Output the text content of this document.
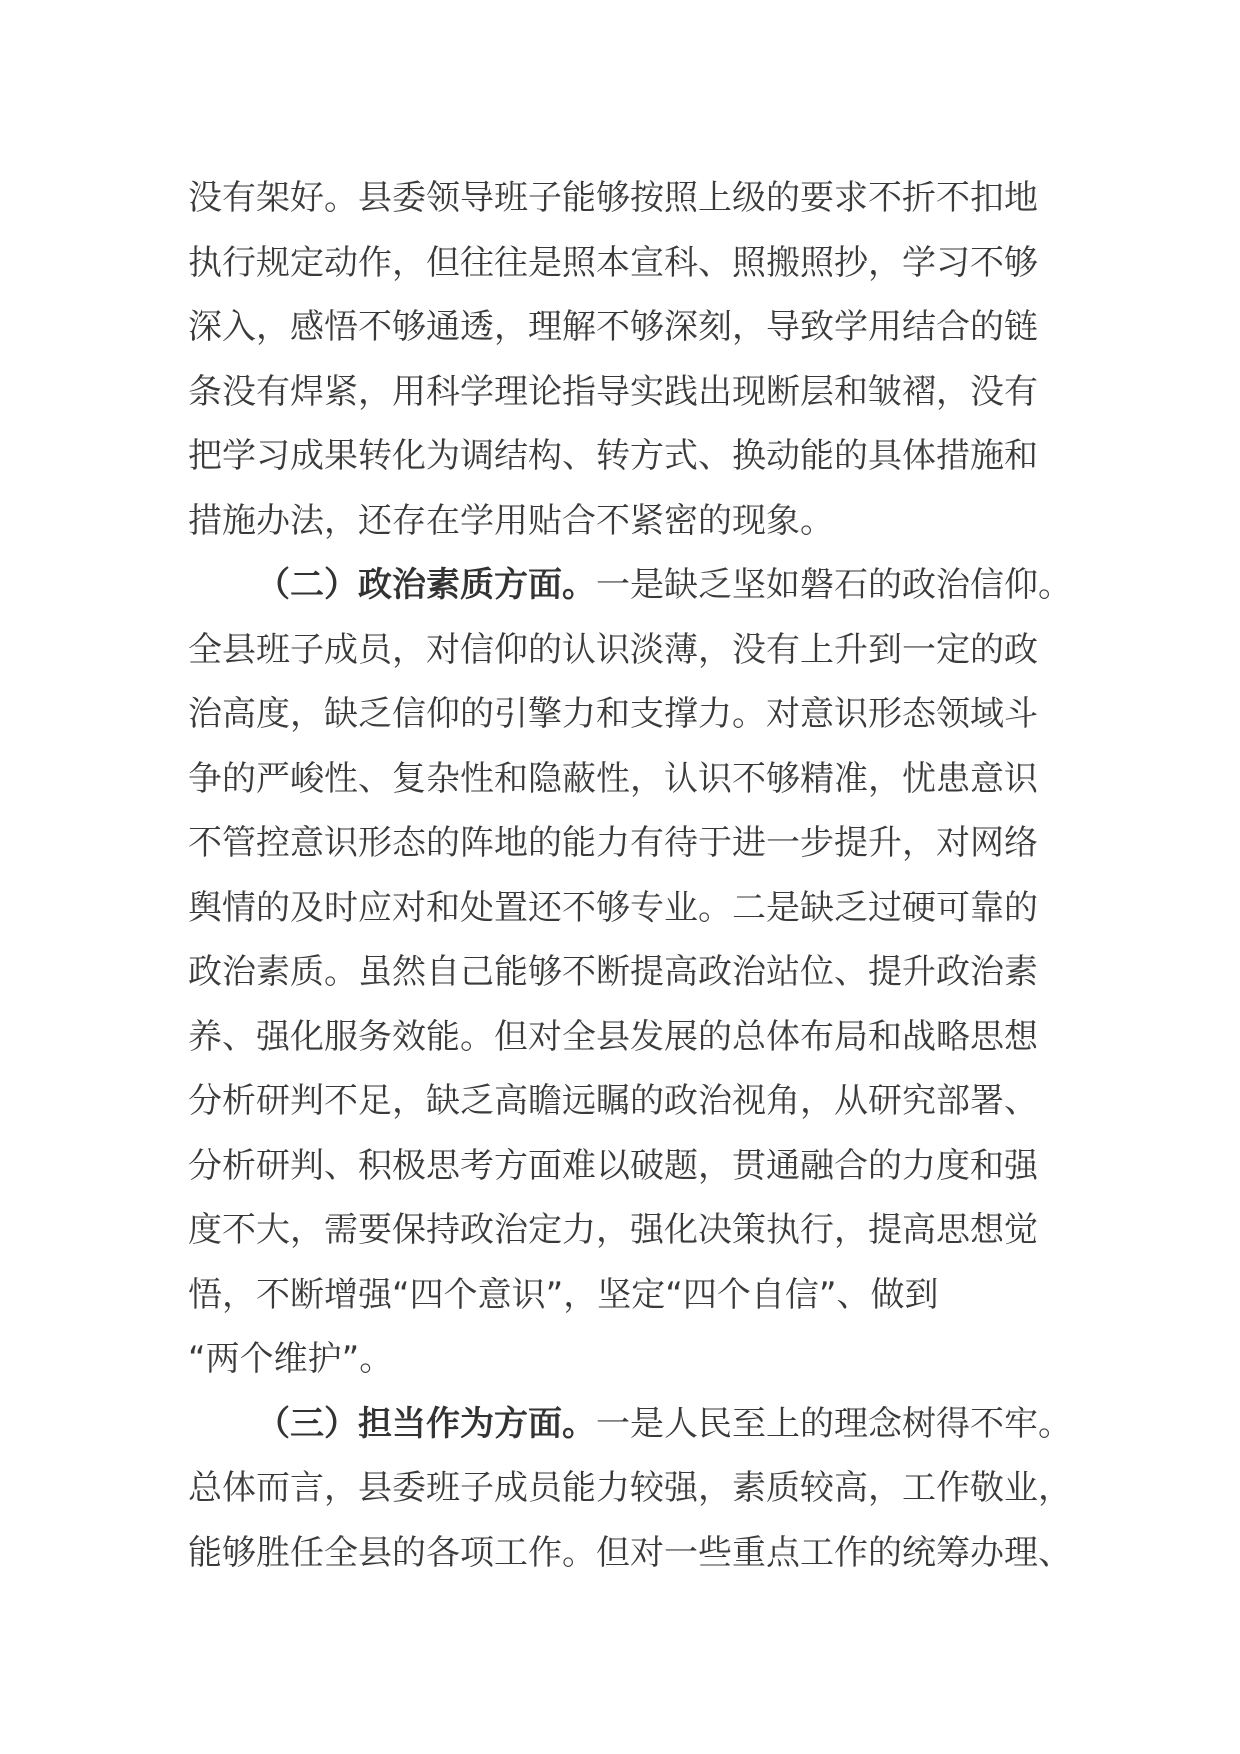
没有架好。县委领导班子能够按照上级的要求不折不扣地
执行规定动作，但往往是照本宣科、照搬照抄，学习不够
深入，感悟不够通透，理解不够深刻，导致学用结合的链
条没有焊紧，用科学理论指导实践出现断层和皱褶，没有
把学习成果转化为调结构、转方式、换动能的具体措施和
措施办法，还存在学用贴合不紧密的现象。
（二）政治素质方面。一是缺乏坚如磐石的政治信仰。
全县班子成员，对信仰的认识淡薄，没有上升到一定的政
治高度，缺乏信仰的引擎力和支撑力。对意识形态领域斗
争的严峻性、复杂性和隐蔽性，认识不够精准，忧患意识
不管控意识形态的阵地的能力有待于进一步提升，对网络
舆情的及时应对和处置还不够专业。二是缺乏过硬可靠的
政治素质。虽然自己能够不断提高政治站位、提升政治素
养、强化服务效能。但对全县发展的总体布局和战略思想
分析研判不足，缺乏高瞻远瞩的政治视角，从研究部署、
分析研判、积极思考方面难以破题，贯通融合的力度和强
度不大，需要保持政治定力，强化决策执行，提高思想觉
悟，不断增强“四个意识”，坚定“四个自信”、做到
“两个维护”。
（三）担当作为方面。一是人民至上的理念树得不牢。
总体而言，县委班子成员能力较强，素质较高，工作敬业，
能够胜任全县的各项工作。但对一些重点工作的统筹办理、
